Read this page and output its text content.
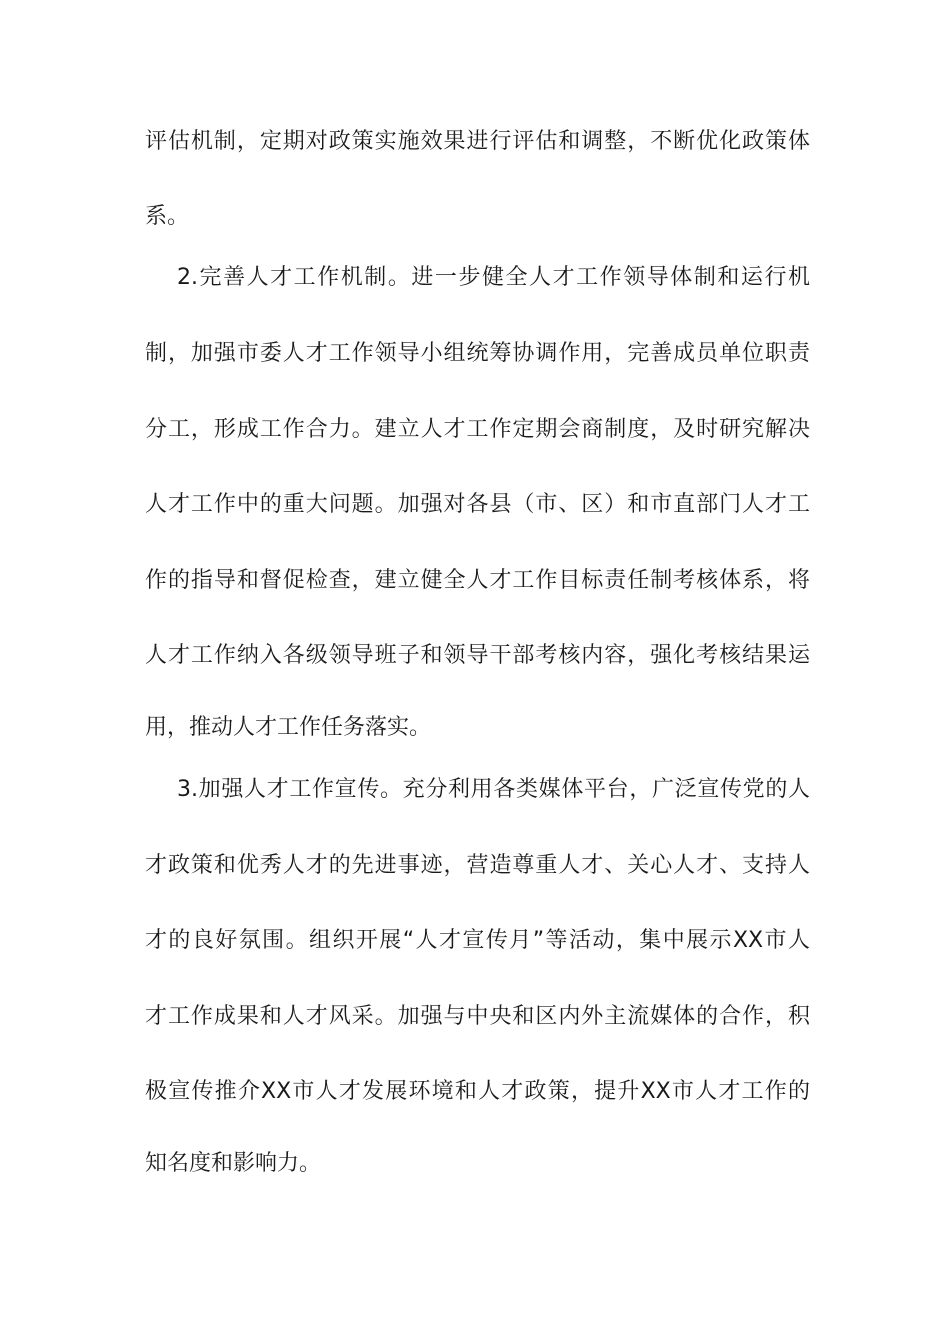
评估机制，定期对政策实施效果进行评估和调整，不断优化政策体
系。
2.完善人才工作机制。进一步健全人才工作领导体制和运行机
制，加强市委人才工作领导小组统筹协调作用，完善成员单位职责
分工，形成工作合力。建立人才工作定期会商制度，及时研究解决
人才工作中的重大问题。加强对各县（市、区）和市直部门人才工
作的指导和督促检查，建立健全人才工作目标责任制考核体系，将
人才工作纳入各级领导班子和领导干部考核内容，强化考核结果运
用，推动人才工作任务落实。
3.加强人才工作宣传。充分利用各类媒体平台，广泛宣传党的人
才政策和优秀人才的先进事迹，营造尊重人才、关心人才、支持人
才的良好氛围。组织开展“人才宣传月”等活动，集中展示XX市人
才工作成果和人才风采。加强与中央和区内外主流媒体的合作，积
极宣传推介XX市人才发展环境和人才政策，提升XX市人才工作的
知名度和影响力。
